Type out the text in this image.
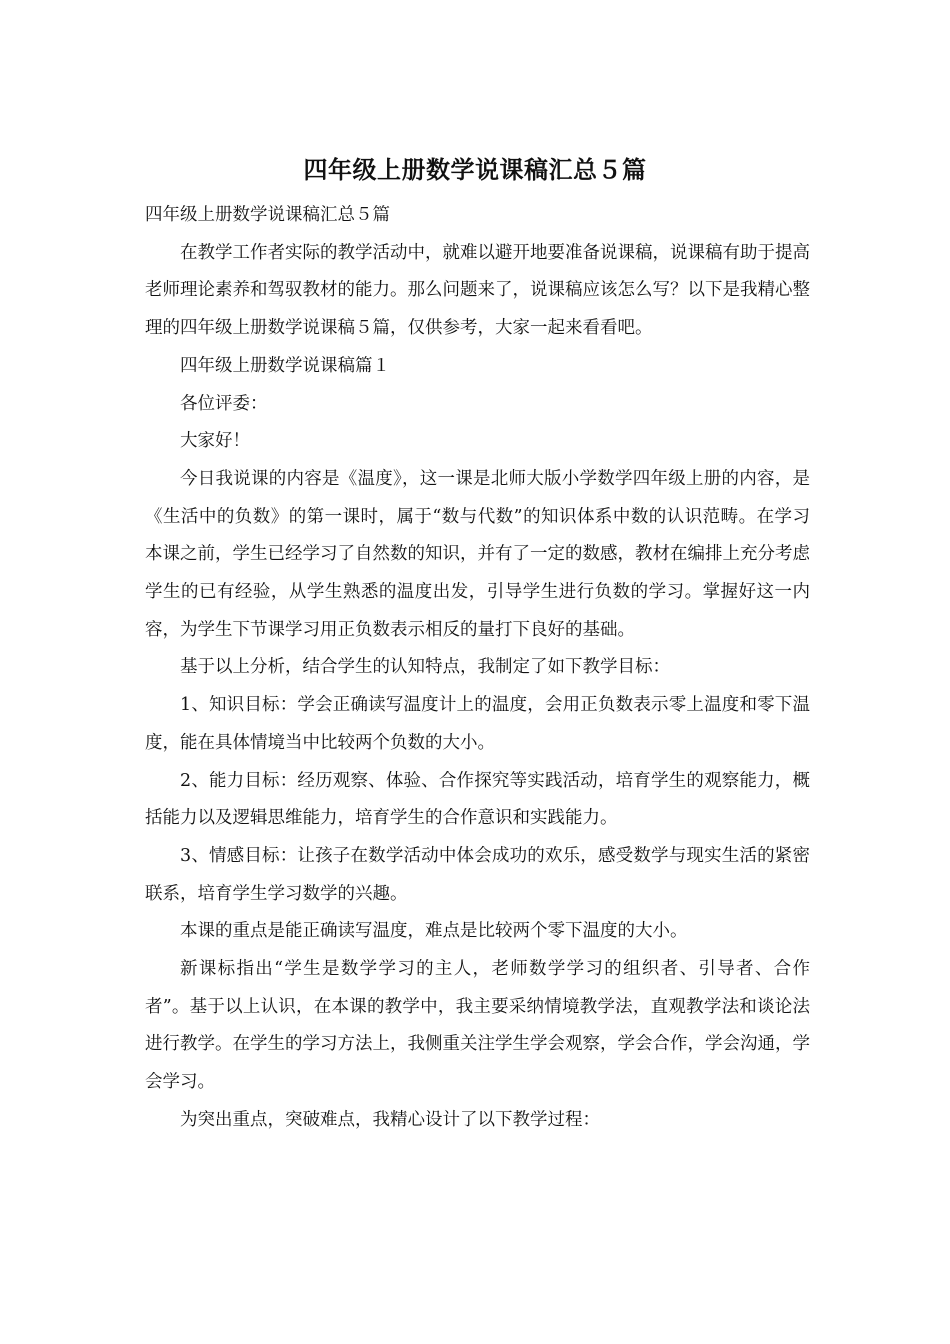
四年级上册数学说课稿汇总５篇

四年级上册数学说课稿汇总５篇

在教学工作者实际的教学活动中，就难以避开地要准备说课稿，说课稿有助于提高老师理论素养和驾驭教材的能力。那么问题来了，说课稿应该怎么写？以下是我精心整理的四年级上册数学说课稿５篇，仅供参考，大家一起来看看吧。

四年级上册数学说课稿篇１

各位评委：

大家好！

今日我说课的内容是《温度》，这一课是北师大版小学数学四年级上册的内容，是《生活中的负数》的第一课时，属于“数与代数”的知识体系中数的认识范畴。在学习本课之前，学生已经学习了自然数的知识，并有了一定的数感，教材在编排上充分考虑学生的已有经验，从学生熟悉的温度出发，引导学生进行负数的学习。掌握好这一内容，为学生下节课学习用正负数表示相反的量打下良好的基础。

基于以上分析，结合学生的认知特点，我制定了如下教学目标：

1、知识目标：学会正确读写温度计上的温度，会用正负数表示零上温度和零下温度，能在具体情境当中比较两个负数的大小。

2、能力目标：经历观察、体验、合作探究等实践活动，培育学生的观察能力，概括能力以及逻辑思维能力，培育学生的合作意识和实践能力。

3、情感目标：让孩子在数学活动中体会成功的欢乐，感受数学与现实生活的紧密联系，培育学生学习数学的兴趣。

本课的重点是能正确读写温度，难点是比较两个零下温度的大小。

新课标指出“学生是数学学习的主人，老师数学学习的组织者、引导者、合作者”。基于以上认识，在本课的教学中，我主要采纳情境教学法，直观教学法和谈论法进行教学。在学生的学习方法上，我侧重关注学生学会观察，学会合作，学会沟通，学会学习。

为突出重点，突破难点，我精心设计了以下教学过程：
